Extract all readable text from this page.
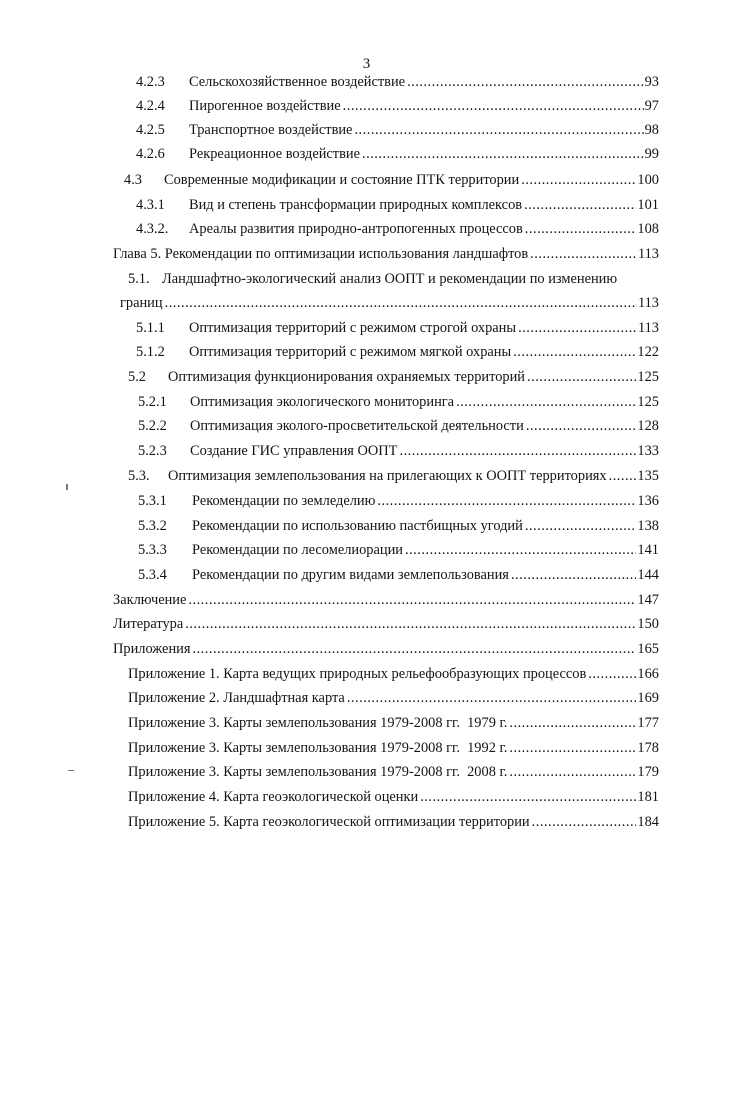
3
4.2.3 Сельскохозяйственное воздействие .....	93
4.2.4 Пирогенное воздействие .....	97
4.2.5 Транспортное воздействие .....	98
4.2.6 Рекреационное воздействие .....	99
4.3 Современные модификации и состояние ПТК территории .....	100
4.3.1 Вид и степень трансформации природных комплексов .....	101
4.3.2. Ареалы развития природно-антропогенных процессов .....	108
Глава 5. Рекомендации по оптимизации использования ландшафтов .....	113
5.1. Ландшафтно-экологический анализ ООПТ и рекомендации по изменению
границ .....	113
5.1.1 Оптимизация территорий с режимом строгой охраны .....	113
5.1.2 Оптимизация территорий с режимом мягкой охраны .....	122
5.2 Оптимизация функционирования охраняемых территорий .....	125
5.2.1 Оптимизация экологического мониторинга .....	125
5.2.2 Оптимизация эколого-просветительской деятельности .....	128
5.2.3 Создание ГИС управления ООПТ .....	133
5.3. Оптимизация землепользования на прилегающих к ООПТ территориях ..... 135
5.3.1 Рекомендации по земледелию .....	136
5.3.2 Рекомендации по использованию пастбищных угодий .....	138
5.3.3 Рекомендации по лесомелиорации .....	141
5.3.4 Рекомендации по другим видами землепользования .....	144
Заключение .....	147
Литература .....	150
Приложения .....	165
Приложение 1. Карта ведущих природных рельефообразующих процессов .....	166
Приложение 2. Ландшафтная карта .....	169
Приложение 3. Карты землепользования 1979-2008 гг.  1979 г. .....	177
Приложение 3. Карты землепользования 1979-2008 гг.  1992 г. .....	178
Приложение 3. Карты землепользования 1979-2008 гг.  2008 г. .....	179
Приложение 4. Карта геоэкологической оценки .....	181
Приложение 5. Карта геоэкологической оптимизации территории .....	184
